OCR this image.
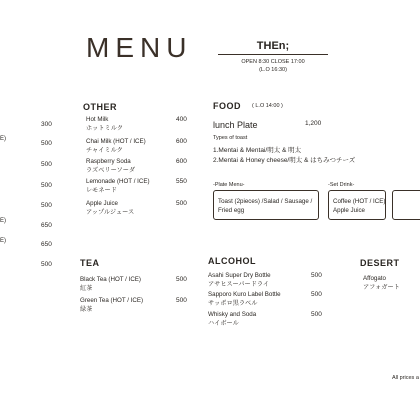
MENU	THEn;
OPEN 8:30 CLOSE 17:00
(L.O 16:30)
E)
E)
E)
300
500
500
500
500
650
650
500
OTHER
Hot Milk
ホットミルク
400
Chai Milk (HOT / ICE)
チャイミルク
600
Raspberry Soda
ラズベリーソーダ
600
Lemonade (HOT / ICE)
レモネード
550
Apple Juice
アップルジュース
500
FOOD ( L.O 14:00 )
lunch Plate	1,200
Types of toast
1.Mentai & Mentai/明太 & 明太
2.Mentai & Honey cheese/明太 & はちみつチーズ
-Plate Menu-
Toast (2pieces) /Salad / Sausage / Fried egg
-Set Drink-
Coffee (HOT / ICE)
Apple Juice
TEA
Black Tea (HOT / ICE)
紅茶
500
Green Tea (HOT / ICE)
緑茶
500
ALCOHOL
Asahi Super Dry Bottle
アサヒスーパードライ
500
Sapporo Kuro Label Bottle
サッポロ黒ラベル
500
Whisky and Soda
ハイボール
500
DESERT
Affogato
アフォガート
All prices a
